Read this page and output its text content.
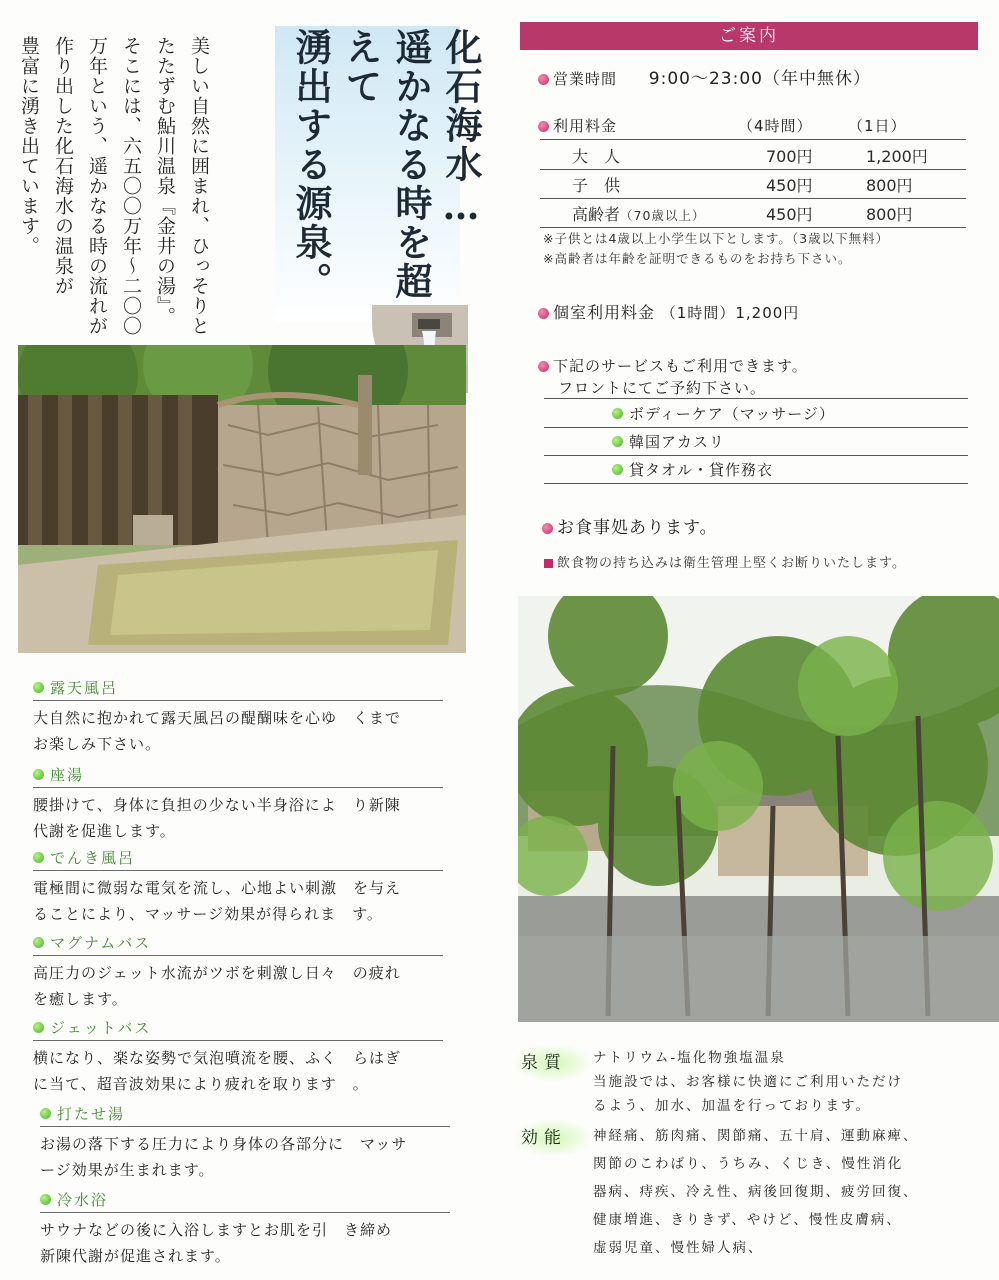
化石海水…
遥かなる時を超えて
湧出する源泉。
美しい自然に囲まれ、ひっそりと
たたずむ鮎川温泉『金井の湯』。
そこには、六五〇〇万年～二〇〇
万年という、遥かなる時の流れが
作り出した化石海水の温泉が
豊富に湧き出ています。
露天風呂
大自然に抱かれて露天風呂の醍醐味を心ゆ　くまで
お楽しみ下さい。
座湯
腰掛けて、身体に負担の少ない半身浴によ　り新陳
代謝を促進します。
でんき風呂
電極間に微弱な電気を流し、心地よい刺激　を与え
ることにより、マッサージ効果が得られま　す。
マグナムバス
高圧力のジェット水流がツボを刺激し日々　の疲れ
を癒します。
ジェットバス
横になり、楽な姿勢で気泡噴流を腰、ふく　らはぎ
に当て、超音波効果により疲れを取ります　。
打たせ湯
お湯の落下する圧力により身体の各部分に　マッサ
ージ効果が生まれます。
冷水浴
サウナなどの後に入浴しますとお肌を引　き締め
新陳代謝が促進されます。
ご案内
営業時間 9:00～23:00（年中無休）
利用料金	（4時間） （1日）
大　人	700円	1,200円
子　供	450円	800円
高齢者（70歳以上）	450円	800円
※子供とは4歳以上小学生以下とします。（3歳以下無料）
※高齢者は年齢を証明できるものをお持ち下さい。
個室利用料金 （1時間）1,200円
下記のサービスもご利用できます。
フロントにてご予約下さい。
ボディーケア（マッサージ）
韓国アカスリ
貸タオル・貸作務衣
お食事処あります。
飲食物の持ち込みは衛生管理上堅くお断りいたします。
泉質	ナトリウム-塩化物強塩温泉
当施設では、お客様に快適にご利用いただけ
るよう、加水、加温を行っております。
効能	神経痛、筋肉痛、関節痛、五十肩、運動麻痺、
関節のこわばり、うちみ、くじき、慢性消化
器病、痔疾、冷え性、病後回復期、疲労回復、
健康増進、きりきず、やけど、慢性皮膚病、
虚弱児童、慢性婦人病、
